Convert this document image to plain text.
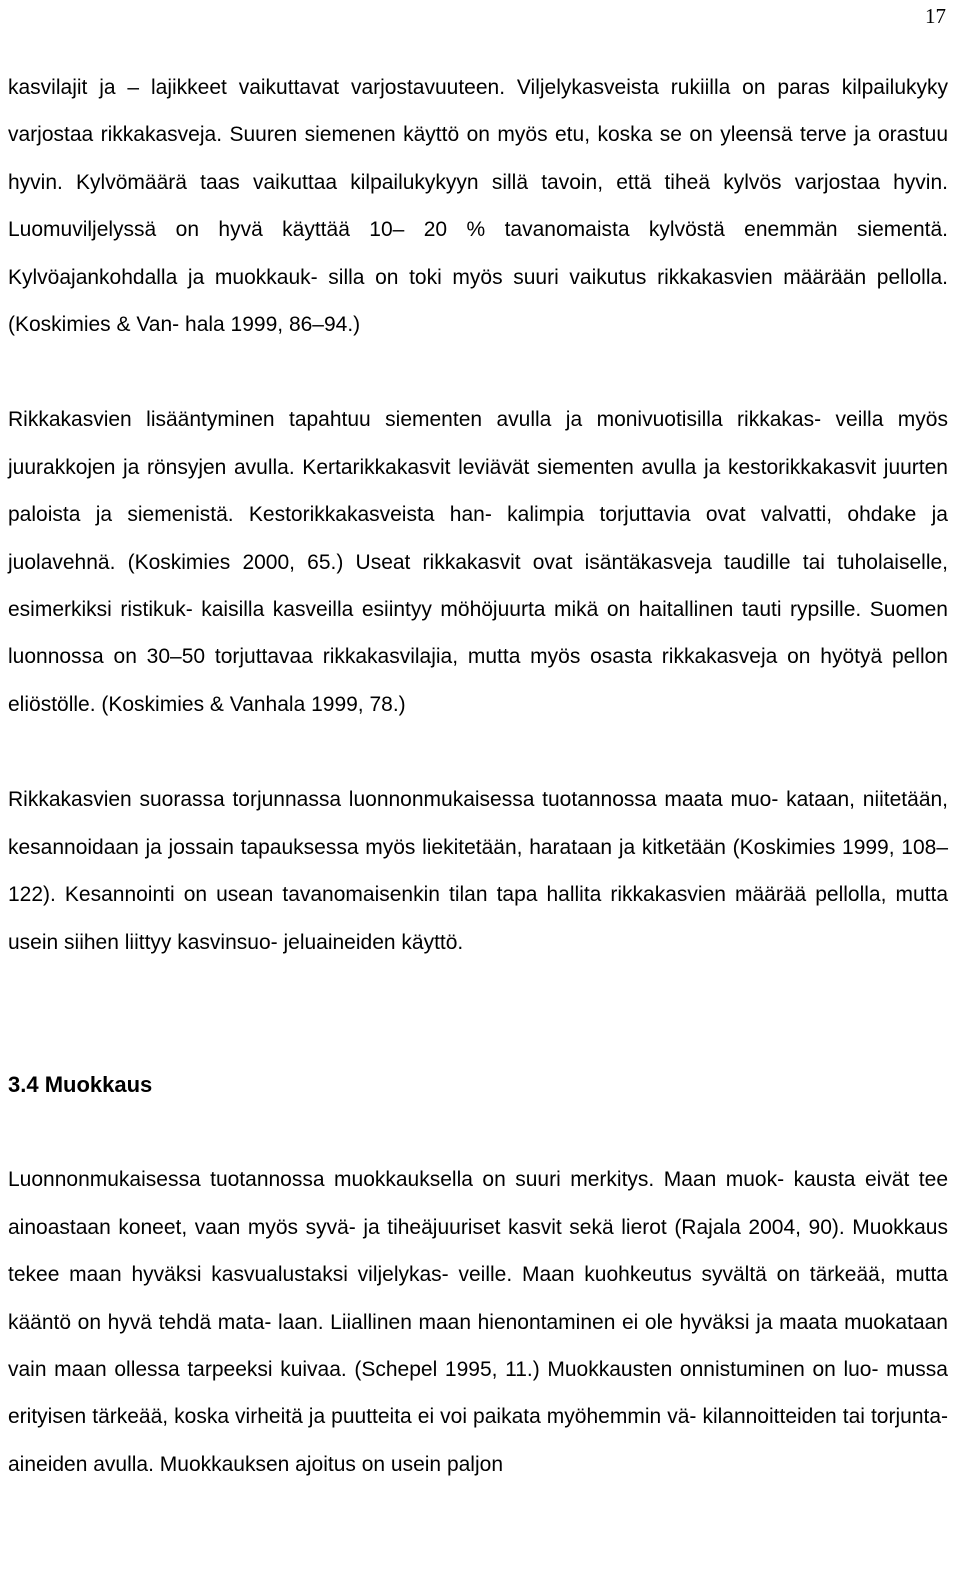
17

kasvilajit ja – lajikkeet vaikuttavat varjostavuuteen. Viljelykasveista rukiilla on paras kilpailukyky varjostaa rikkakasveja. Suuren siemenen käyttö on myös etu, koska se on yleensä terve ja orastuu hyvin. Kylvömäärä taas vaikuttaa kilpailukykyyn sillä tavoin, että tiheä kylvös varjostaa hyvin. Luomuviljelyssä on hyvä käyttää 10– 20 % tavanomaista kylvöstä enemmän siementä. Kylvöajankohdalla ja muokkauk- silla on toki myös suuri vaikutus rikkakasvien määrään pellolla. (Koskimies & Van- hala 1999, 86–94.)

Rikkakasvien lisääntyminen tapahtuu siementen avulla ja monivuotisilla rikkakas- veilla myös juurakkojen ja rönsyjen avulla. Kertarikkakasvit leviävät siementen avulla ja kestorikkakasvit juurten paloista ja siemenistä. Kestorikkakasveista han- kalimpia torjuttavia ovat valvatti, ohdake ja juolavehnä. (Koskimies 2000, 65.) Useat rikkakasvit ovat isäntäkasveja taudille tai tuholaiselle, esimerkiksi ristikuk- kaisilla kasveilla esiintyy möhöjuurta mikä on haitallinen tauti rypsille. Suomen luonnossa on 30–50 torjuttavaa rikkakasvilajia, mutta myös osasta rikkakasveja on hyötyä pellon eliöstölle. (Koskimies & Vanhala 1999, 78.)

Rikkakasvien suorassa torjunnassa luonnonmukaisessa tuotannossa maata muo- kataan, niitetään, kesannoidaan ja jossain tapauksessa myös liekitetään, harataan ja kitketään (Koskimies 1999, 108–122). Kesannointi on usean tavanomaisenkin tilan tapa hallita rikkakasvien määrää pellolla, mutta usein siihen liittyy kasvinsuo- jeluaineiden käyttö.

3.4 Muokkaus

Luonnonmukaisessa tuotannossa muokkauksella on suuri merkitys. Maan muok- kausta eivät tee ainoastaan koneet, vaan myös syvä- ja tiheäjuuriset kasvit sekä lierot (Rajala 2004, 90). Muokkaus tekee maan hyväksi kasvualustaksi viljelykas- veille. Maan kuohkeutus syvältä on tärkeää, mutta kääntö on hyvä tehdä mata- laan. Liiallinen maan hienontaminen ei ole hyväksi ja maata muokataan vain maan ollessa tarpeeksi kuivaa. (Schepel 1995, 11.) Muokkausten onnistuminen on luo- mussa erityisen tärkeää, koska virheitä ja puutteita ei voi paikata myöhemmin vä- kilannoitteiden tai torjunta-aineiden avulla. Muokkauksen ajoitus on usein paljon
